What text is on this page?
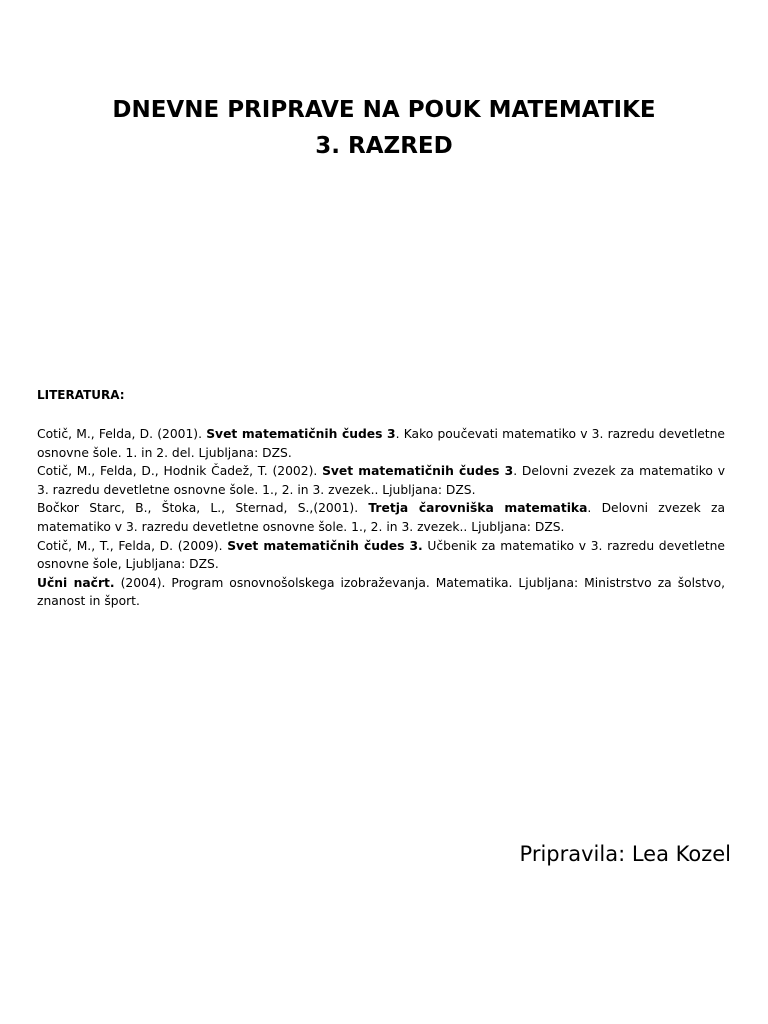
DNEVNE PRIPRAVE NA POUK MATEMATIKE
3. RAZRED

LITERATURA:

Cotič, M., Felda, D. (2001). Svet matematičnih čudes 3. Kako poučevati matematiko v 3. razredu devetletne osnovne šole. 1. in 2. del. Ljubljana: DZS.

Cotič, M., Felda, D., Hodnik Čadež, T. (2002). Svet matematičnih čudes 3. Delovni zvezek za matematiko v 3. razredu devetletne osnovne šole. 1., 2. in 3. zvezek.. Ljubljana: DZS.

Bočkor Starc, B., Štoka, L., Sternad, S.,(2001). Tretja čarovniška matematika. Delovni zvezek za matematiko v 3. razredu devetletne osnovne šole. 1., 2. in 3. zvezek.. Ljubljana: DZS.

Cotič, M., T., Felda, D. (2009). Svet matematičnih čudes 3. Učbenik za matematiko v 3. razredu devetletne osnovne šole, Ljubljana: DZS.

Učni načrt. (2004). Program osnovnošolskega izobraževanja. Matematika. Ljubljana: Ministrstvo za šolstvo, znanost in šport.

Pripravila: Lea Kozel
